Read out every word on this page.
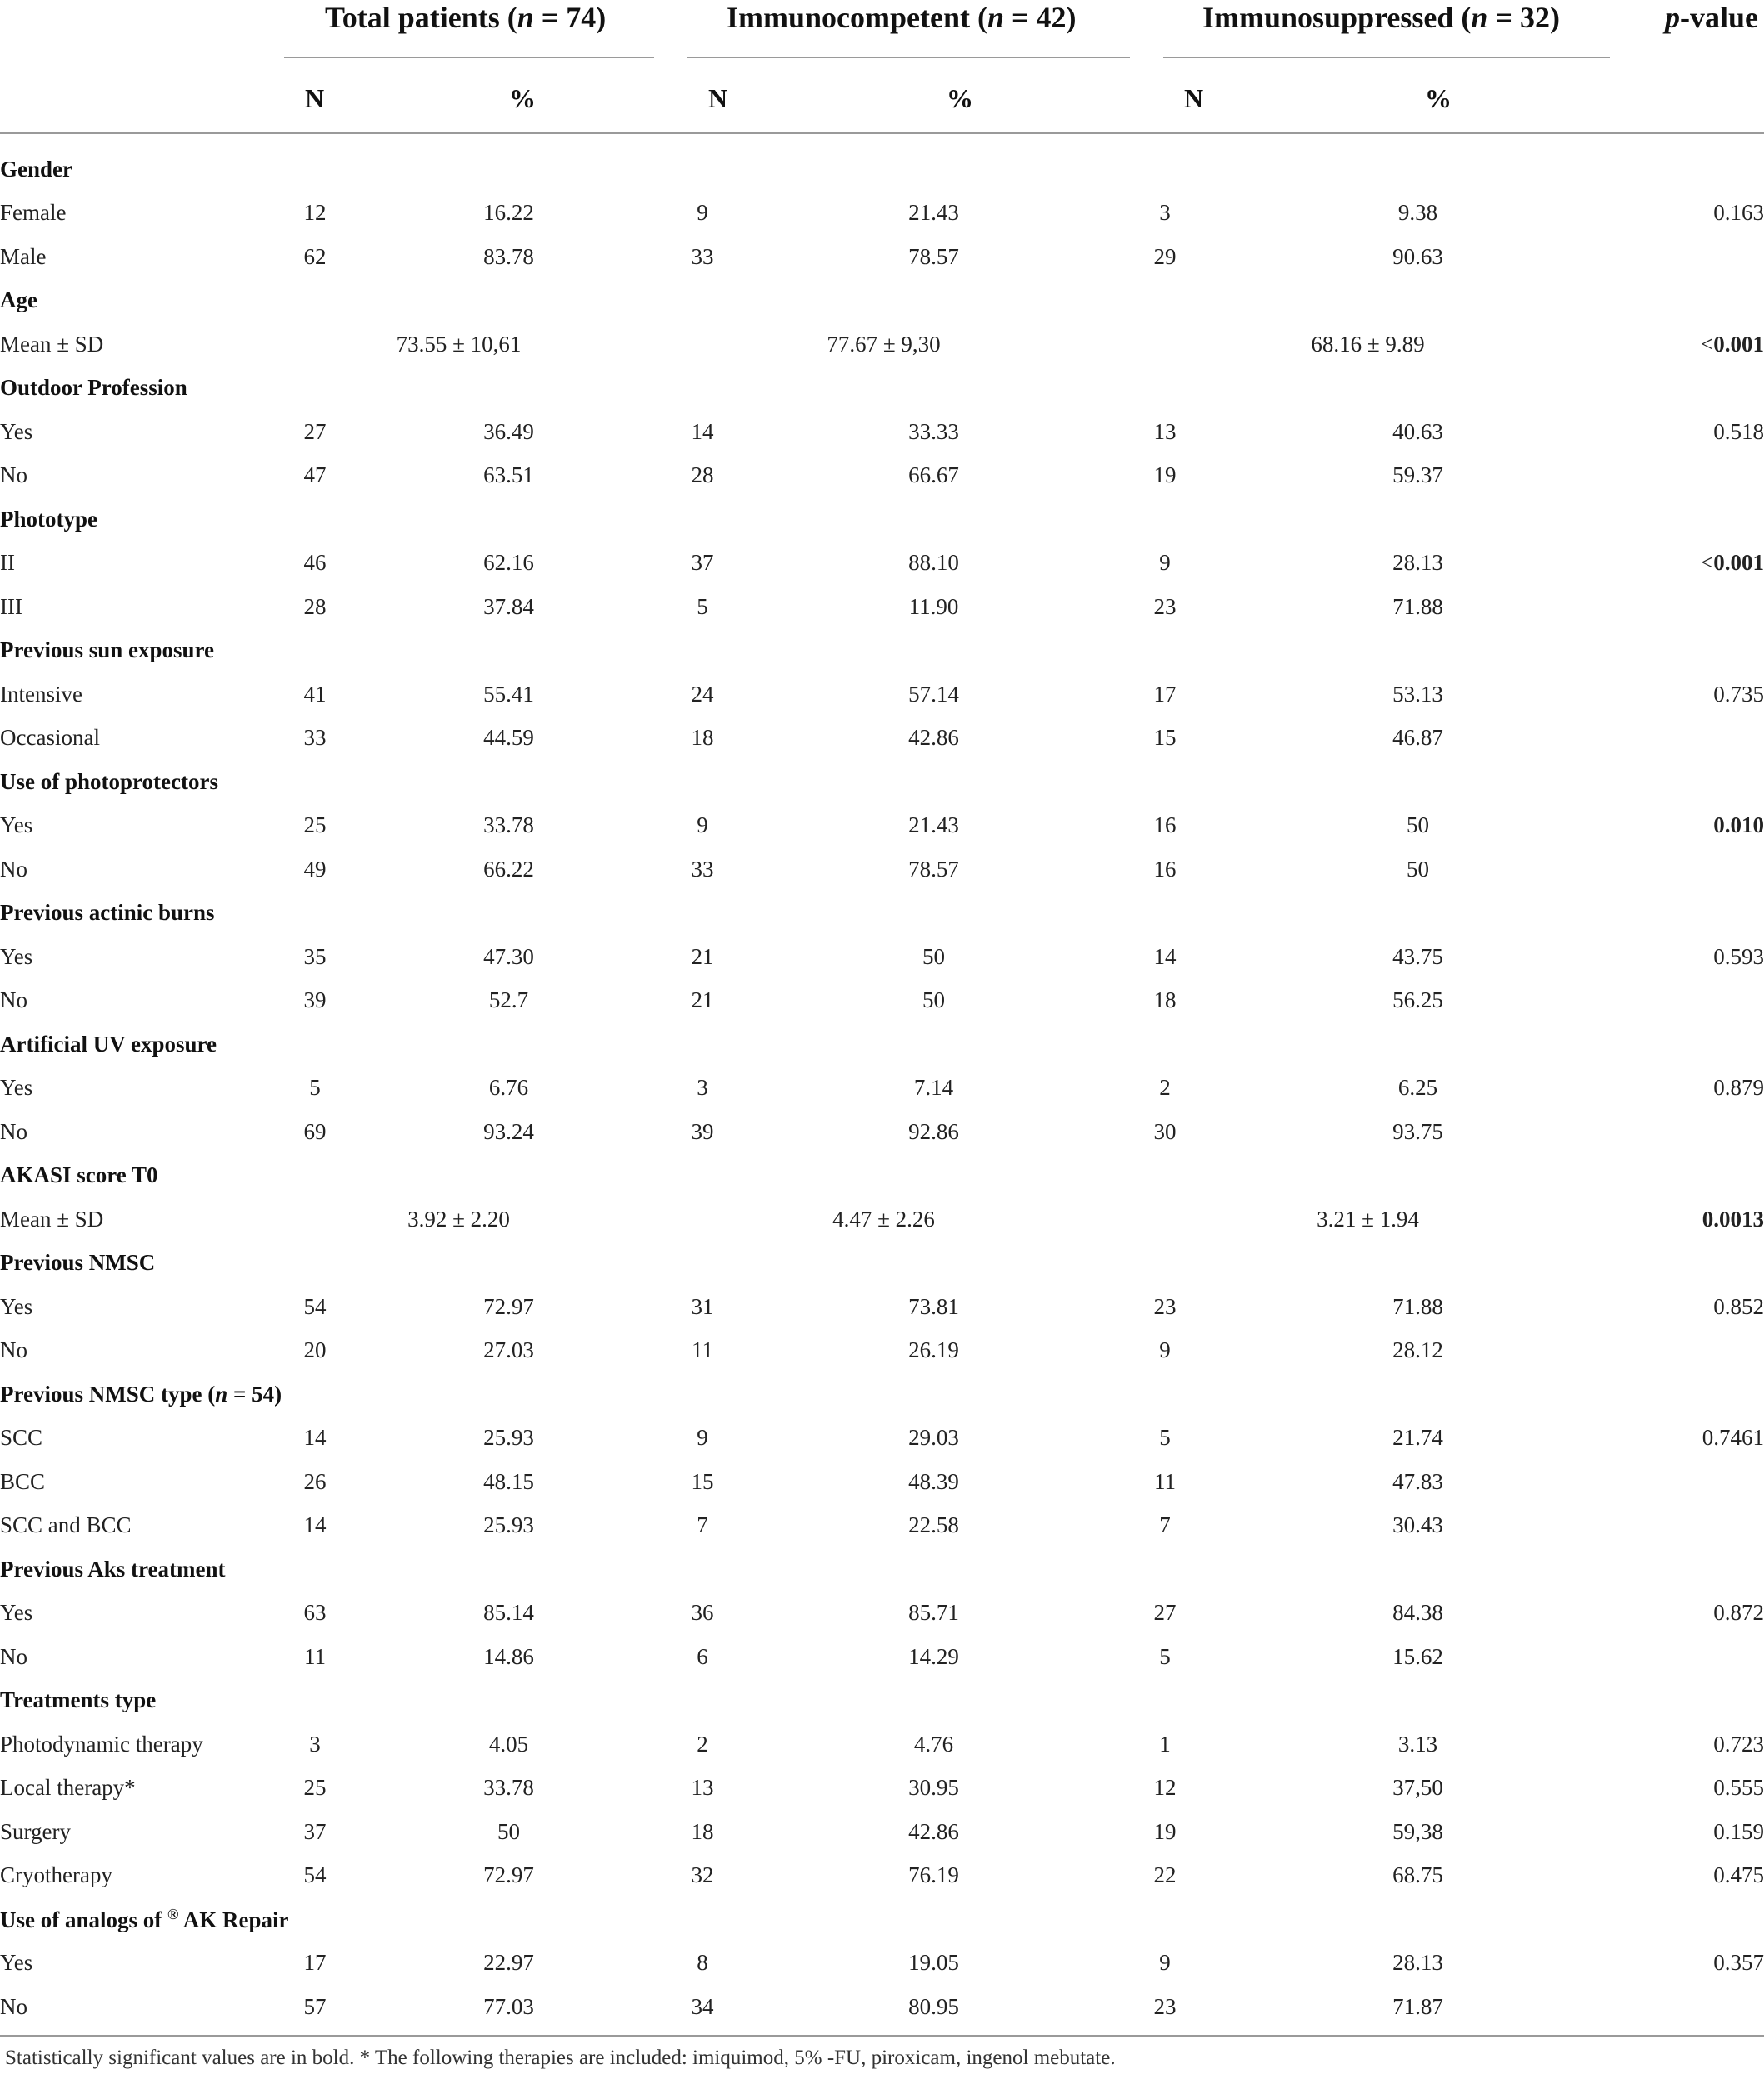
Total patients (n = 74)	Immunocompetent (n = 42)	Immunosuppressed (n = 32)	p-value
N	%	N	%	N	%
Gender							
Female	12	16.22	9	21.43	3	9.38	0.163
Male	62	83.78	33	78.57	29	90.63	
Age							
Mean ± SD	73.55 ± 10,61		77.67 ± 9,30		68.16 ± 9.89		<0.001
Outdoor Profession							
Yes	27	36.49	14	33.33	13	40.63	0.518
No	47	63.51	28	66.67	19	59.37	
Phototype							
II	46	62.16	37	88.10	9	28.13	<0.001
III	28	37.84	5	11.90	23	71.88	
Previous sun exposure							
Intensive	41	55.41	24	57.14	17	53.13	0.735
Occasional	33	44.59	18	42.86	15	46.87	
Use of photoprotectors							
Yes	25	33.78	9	21.43	16	50	0.010
No	49	66.22	33	78.57	16	50	
Previous actinic burns							
Yes	35	47.30	21	50	14	43.75	0.593
No	39	52.7	21	50	18	56.25	
Artificial UV exposure							
Yes	5	6.76	3	7.14	2	6.25	0.879
No	69	93.24	39	92.86	30	93.75	
AKASI score T0							
Mean ± SD	3.92 ± 2.20		4.47 ± 2.26		3.21 ± 1.94		0.0013
Previous NMSC							
Yes	54	72.97	31	73.81	23	71.88	0.852
No	20	27.03	11	26.19	9	28.12	
Previous NMSC type (n = 54)							
SCC	14	25.93	9	29.03	5	21.74	0.7461
BCC	26	48.15	15	48.39	11	47.83	
SCC and BCC	14	25.93	7	22.58	7	30.43	
Previous Aks treatment							
Yes	63	85.14	36	85.71	27	84.38	0.872
No	11	14.86	6	14.29	5	15.62	
Treatments type							
Photodynamic therapy	3	4.05	2	4.76	1	3.13	0.723
Local therapy*	25	33.78	13	30.95	12	37,50	0.555
Surgery	37	50	18	42.86	19	59,38	0.159
Cryotherapy	54	72.97	32	76.19	22	68.75	0.475
Use of analogs of ® AK Repair							
Yes	17	22.97	8	19.05	9	28.13	0.357
No	57	77.03	34	80.95	23	71.87	
Statistically significant values are in bold. * The following therapies are included: imiquimod, 5% -FU, piroxicam, ingenol mebutate.
